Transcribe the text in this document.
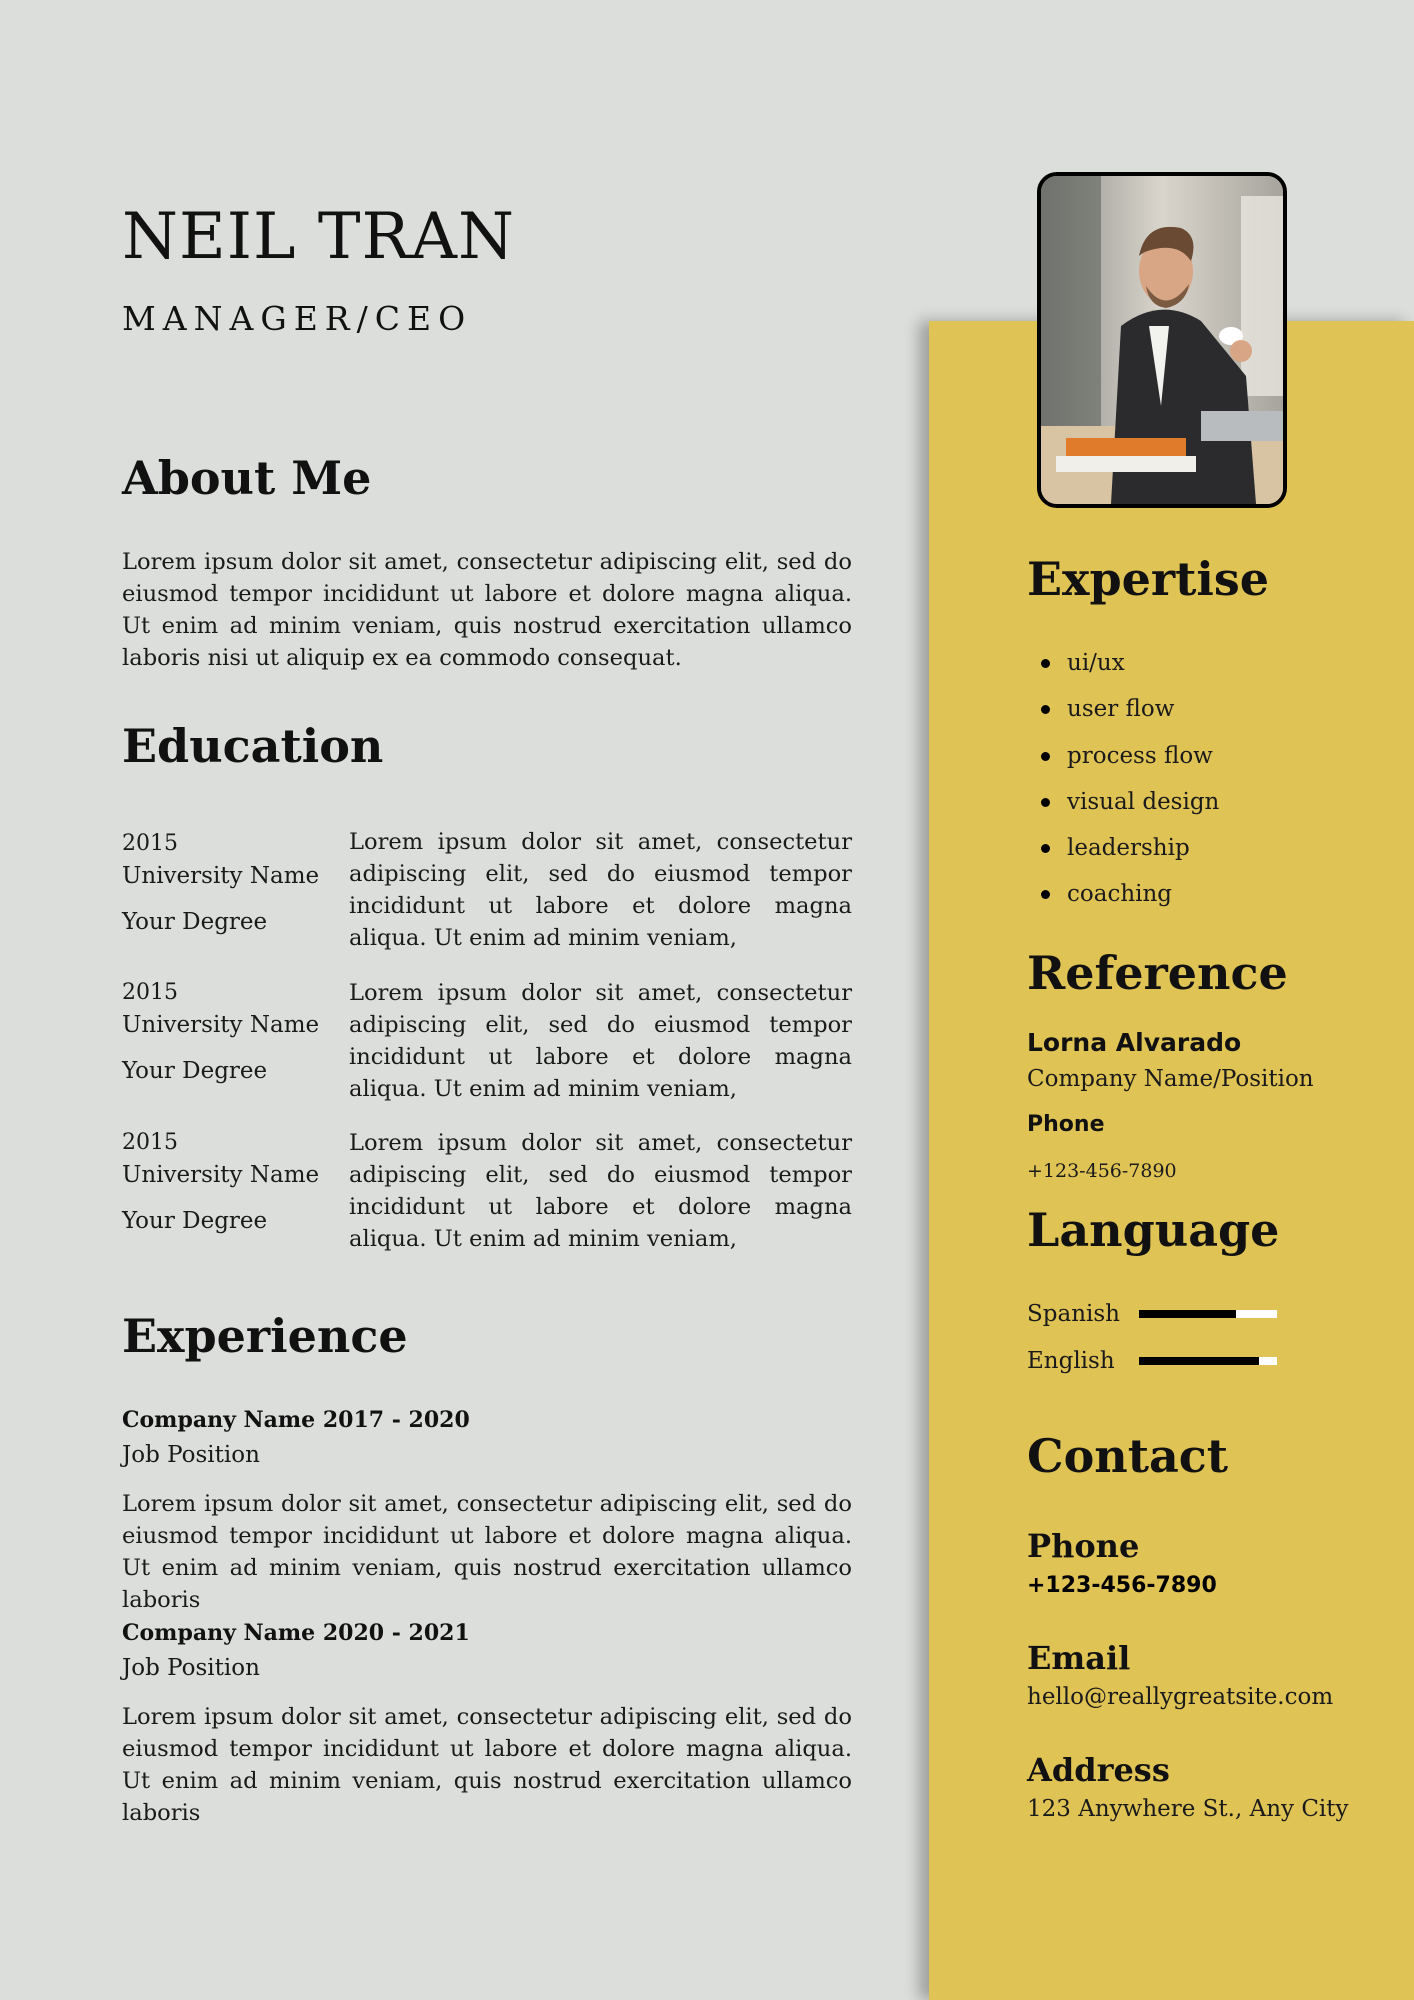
NEIL TRAN
MANAGER/CEO
About Me

Lorem ipsum dolor sit amet, consectetur adipiscing elit, sed do eiusmod tempor incididunt ut labore et dolore magna aliqua. Ut enim ad minim veniam, quis nostrud exercitation ullamco laboris nisi ut aliquip ex ea commodo consequat.

Education
2015
University Name
Your Degree

Lorem ipsum dolor sit amet, consectetur adipiscing elit, sed do eiusmod tempor incididunt ut labore et dolore magna aliqua. Ut enim ad minim veniam,

2015
University Name
Your Degree

Lorem ipsum dolor sit amet, consectetur adipiscing elit, sed do eiusmod tempor incididunt ut labore et dolore magna aliqua. Ut enim ad minim veniam,

2015
University Name
Your Degree

Lorem ipsum dolor sit amet, consectetur adipiscing elit, sed do eiusmod tempor incididunt ut labore et dolore magna aliqua. Ut enim ad minim veniam,

Experience

Company Name 2017 - 2020

Job Position

Lorem ipsum dolor sit amet, consectetur adipiscing elit, sed do eiusmod tempor incididunt ut labore et dolore magna aliqua. Ut enim ad minim veniam, quis nostrud exercitation ullamco laboris

Company Name 2020 - 2021

Job Position

Lorem ipsum dolor sit amet, consectetur adipiscing elit, sed do eiusmod tempor incididunt ut labore et dolore magna aliqua. Ut enim ad minim veniam, quis nostrud exercitation ullamco laboris

Expertise
ui/ux
user flow
process flow
visual design
leadership
coaching
Reference

Lorna Alvarado

Company Name/Position

Phone

+123-456-7890

Language
Spanish
English
Contact

Phone

+123-456-7890

Email

hello@reallygreatsite.com

Address

123 Anywhere St., Any City
